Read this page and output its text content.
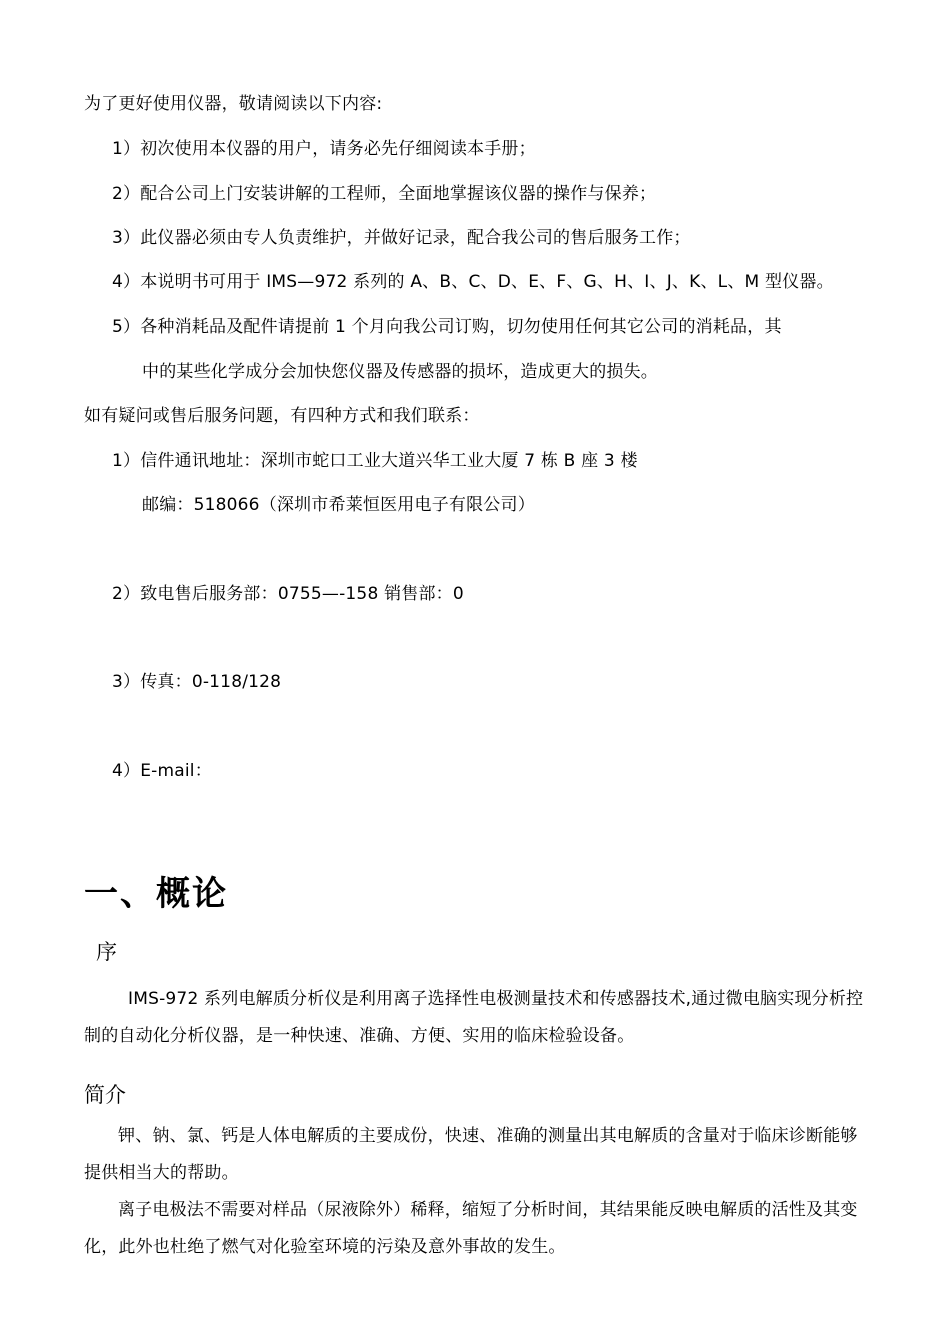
为了更好使用仪器，敬请阅读以下内容:
1）初次使用本仪器的用户，请务必先仔细阅读本手册；
2）配合公司上门安装讲解的工程师，全面地掌握该仪器的操作与保养；
3）此仪器必须由专人负责维护，并做好记录，配合我公司的售后服务工作；
4）本说明书可用于 IMS—972 系列的 A、B、C、D、E、F、G、H、I、J、K、L、M 型仪器。
5）各种消耗品及配件请提前 1 个月向我公司订购，切勿使用任何其它公司的消耗品，其
中的某些化学成分会加快您仪器及传感器的损坏，造成更大的损失。
如有疑问或售后服务问题，有四种方式和我们联系：
1）信件通讯地址：深圳市蛇口工业大道兴华工业大厦 7 栋 B 座 3 楼
邮编：518066（深圳市希莱恒医用电子有限公司）
2）致电售后服务部：0755—-158 销售部：0
3）传真：0-118/128
4）E-mail：
一、概论
序
IMS-972 系列电解质分析仪是利用离子选择性电极测量技术和传感器技术,通过微电脑实现分析控制的自动化分析仪器，是一种快速、准确、方便、实用的临床检验设备。
简介
钾、钠、氯、钙是人体电解质的主要成份，快速、准确的测量出其电解质的含量对于临床诊断能够提供相当大的帮助。
离子电极法不需要对样品（尿液除外）稀释，缩短了分析时间，其结果能反映电解质的活性及其变化，此外也杜绝了燃气对化验室环境的污染及意外事故的发生。
